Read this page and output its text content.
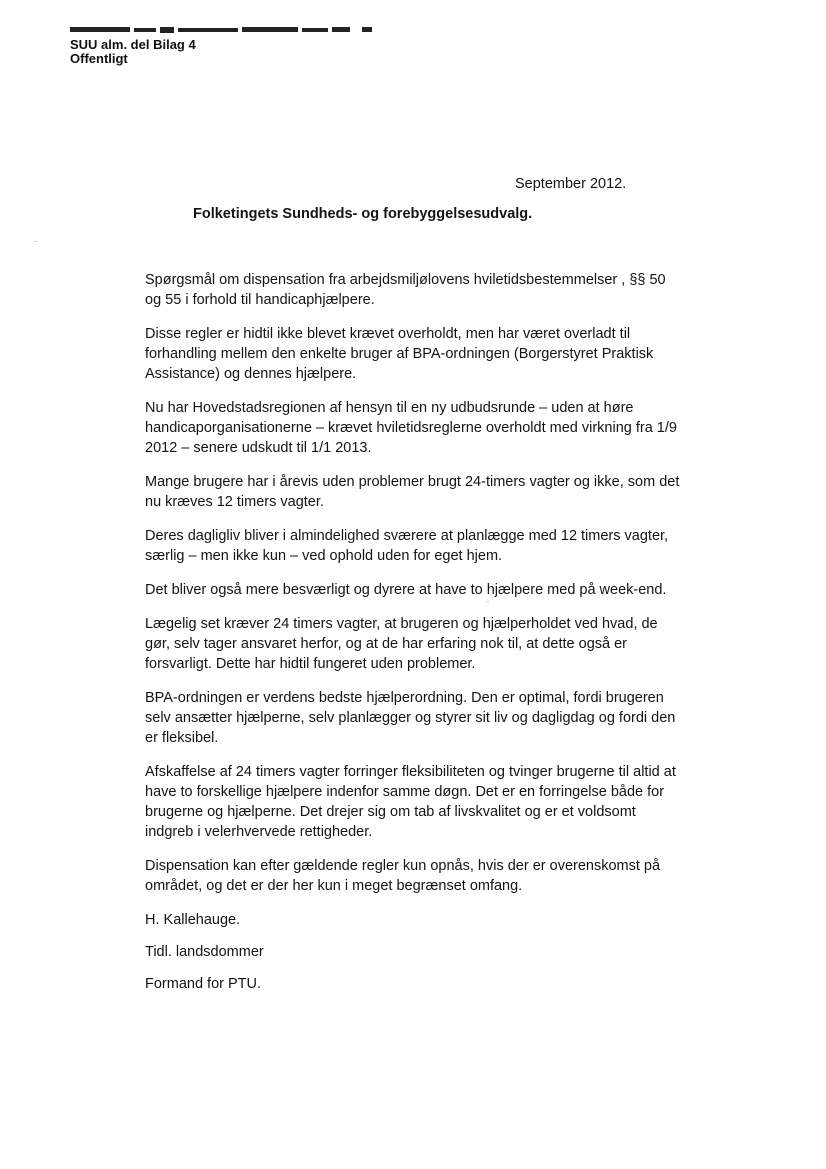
SUU alm. del Bilag 4
Offentligt
September 2012.
Folketingets Sundheds- og forebyggelsesudvalg.

Spørgsmål om dispensation fra arbejdsmiljølovens hviletidsbestemmelser , §§ 50 og 55 i forhold til handicaphjælpere.

Disse regler er hidtil ikke blevet krævet overholdt, men har været overladt til forhandling mellem den enkelte bruger af BPA-ordningen (Borgerstyret Praktisk Assistance) og dennes hjælpere.

Nu har Hovedstadsregionen af hensyn til en ny udbudsrunde – uden at høre handicaporganisationerne – krævet hviletidsreglerne overholdt med virkning fra 1/9 2012 – senere udskudt til 1/1 2013.

Mange brugere har i årevis uden problemer brugt 24-timers vagter og ikke, som det nu kræves 12 timers vagter.

Deres dagligliv bliver i almindelighed sværere at planlægge med 12 timers vagter, særlig – men ikke kun – ved ophold uden for eget hjem.

Det bliver også mere besværligt og dyrere at have to hjælpere med på week-end.

Lægelig set kræver 24 timers vagter, at brugeren og hjælperholdet ved hvad, de gør, selv tager ansvaret herfor, og at de har erfaring nok til, at dette også er forsvarligt. Dette har hidtil fungeret uden problemer.

BPA-ordningen er verdens bedste hjælperordning. Den er optimal, fordi brugeren selv ansætter hjælperne, selv planlægger og styrer sit liv og dagligdag og fordi den er fleksibel.

Afskaffelse af 24 timers vagter forringer fleksibiliteten og tvinger brugerne til altid at have to forskellige hjælpere indenfor samme døgn. Det er en forringelse både for brugerne og hjælperne. Det drejer sig om tab af livskvalitet og er et voldsomt indgreb i velerhvervede rettigheder.

Dispensation kan efter gældende regler kun opnås, hvis der er overenskomst på området, og det er der her kun i meget begrænset omfang.

H. Kallehauge.

Tidl. landsdommer

Formand for PTU.
